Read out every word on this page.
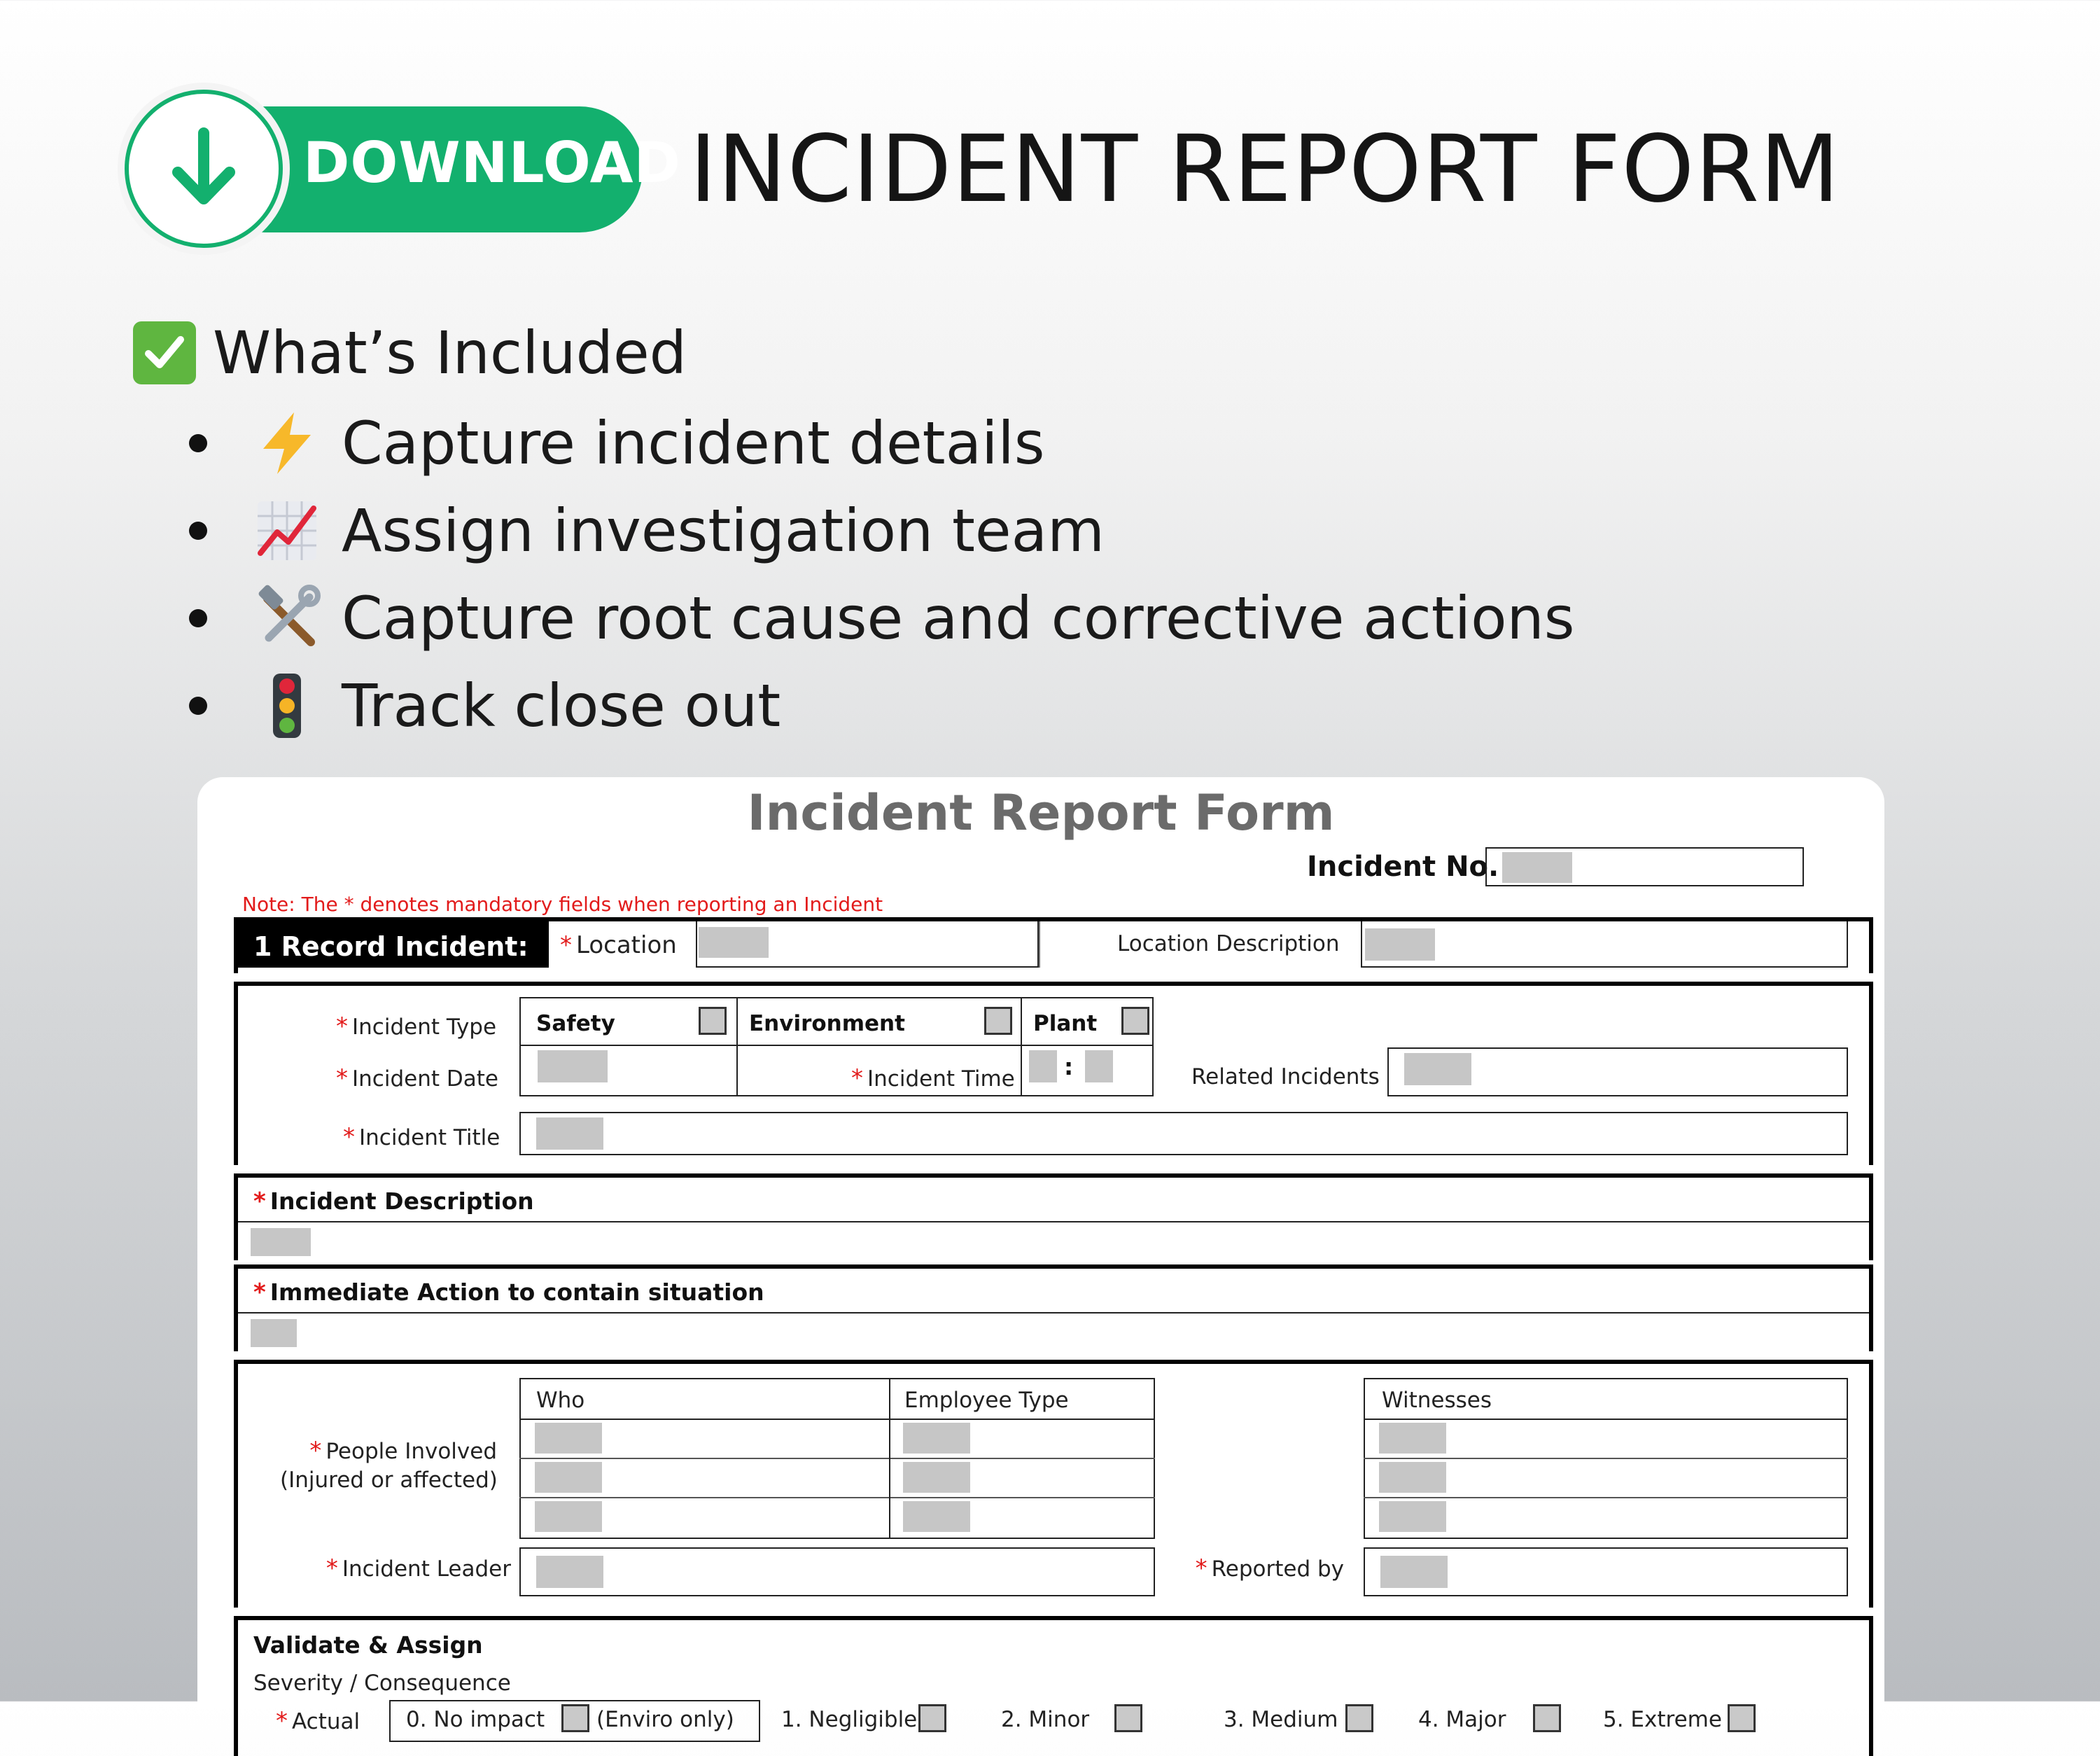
DOWNLOAD INCIDENT REPORT FORM
What’s Included
Capture incident details
Assign investigation team
Capture root cause and corrective actions
Track close out
Incident Report Form
Incident No.
Note: The * denotes mandatory fields when reporting an Incident
1 Record Incident: * Location	Location Description
* Incident Type Safety	Environment	Plant
* Incident Date	* Incident Time :	Related Incidents
* Incident Title
* Incident Description
* Immediate Action to contain situation
Who	Employee Type	Witnesses
* People Involved
(Injured or affected)
* Incident Leader	* Reported by
Validate & Assign
Severity / Consequence
* Actual 0. No impact (Enviro only) 1. Negligible	2. Minor	3. Medium	4. Major	5. Extreme
